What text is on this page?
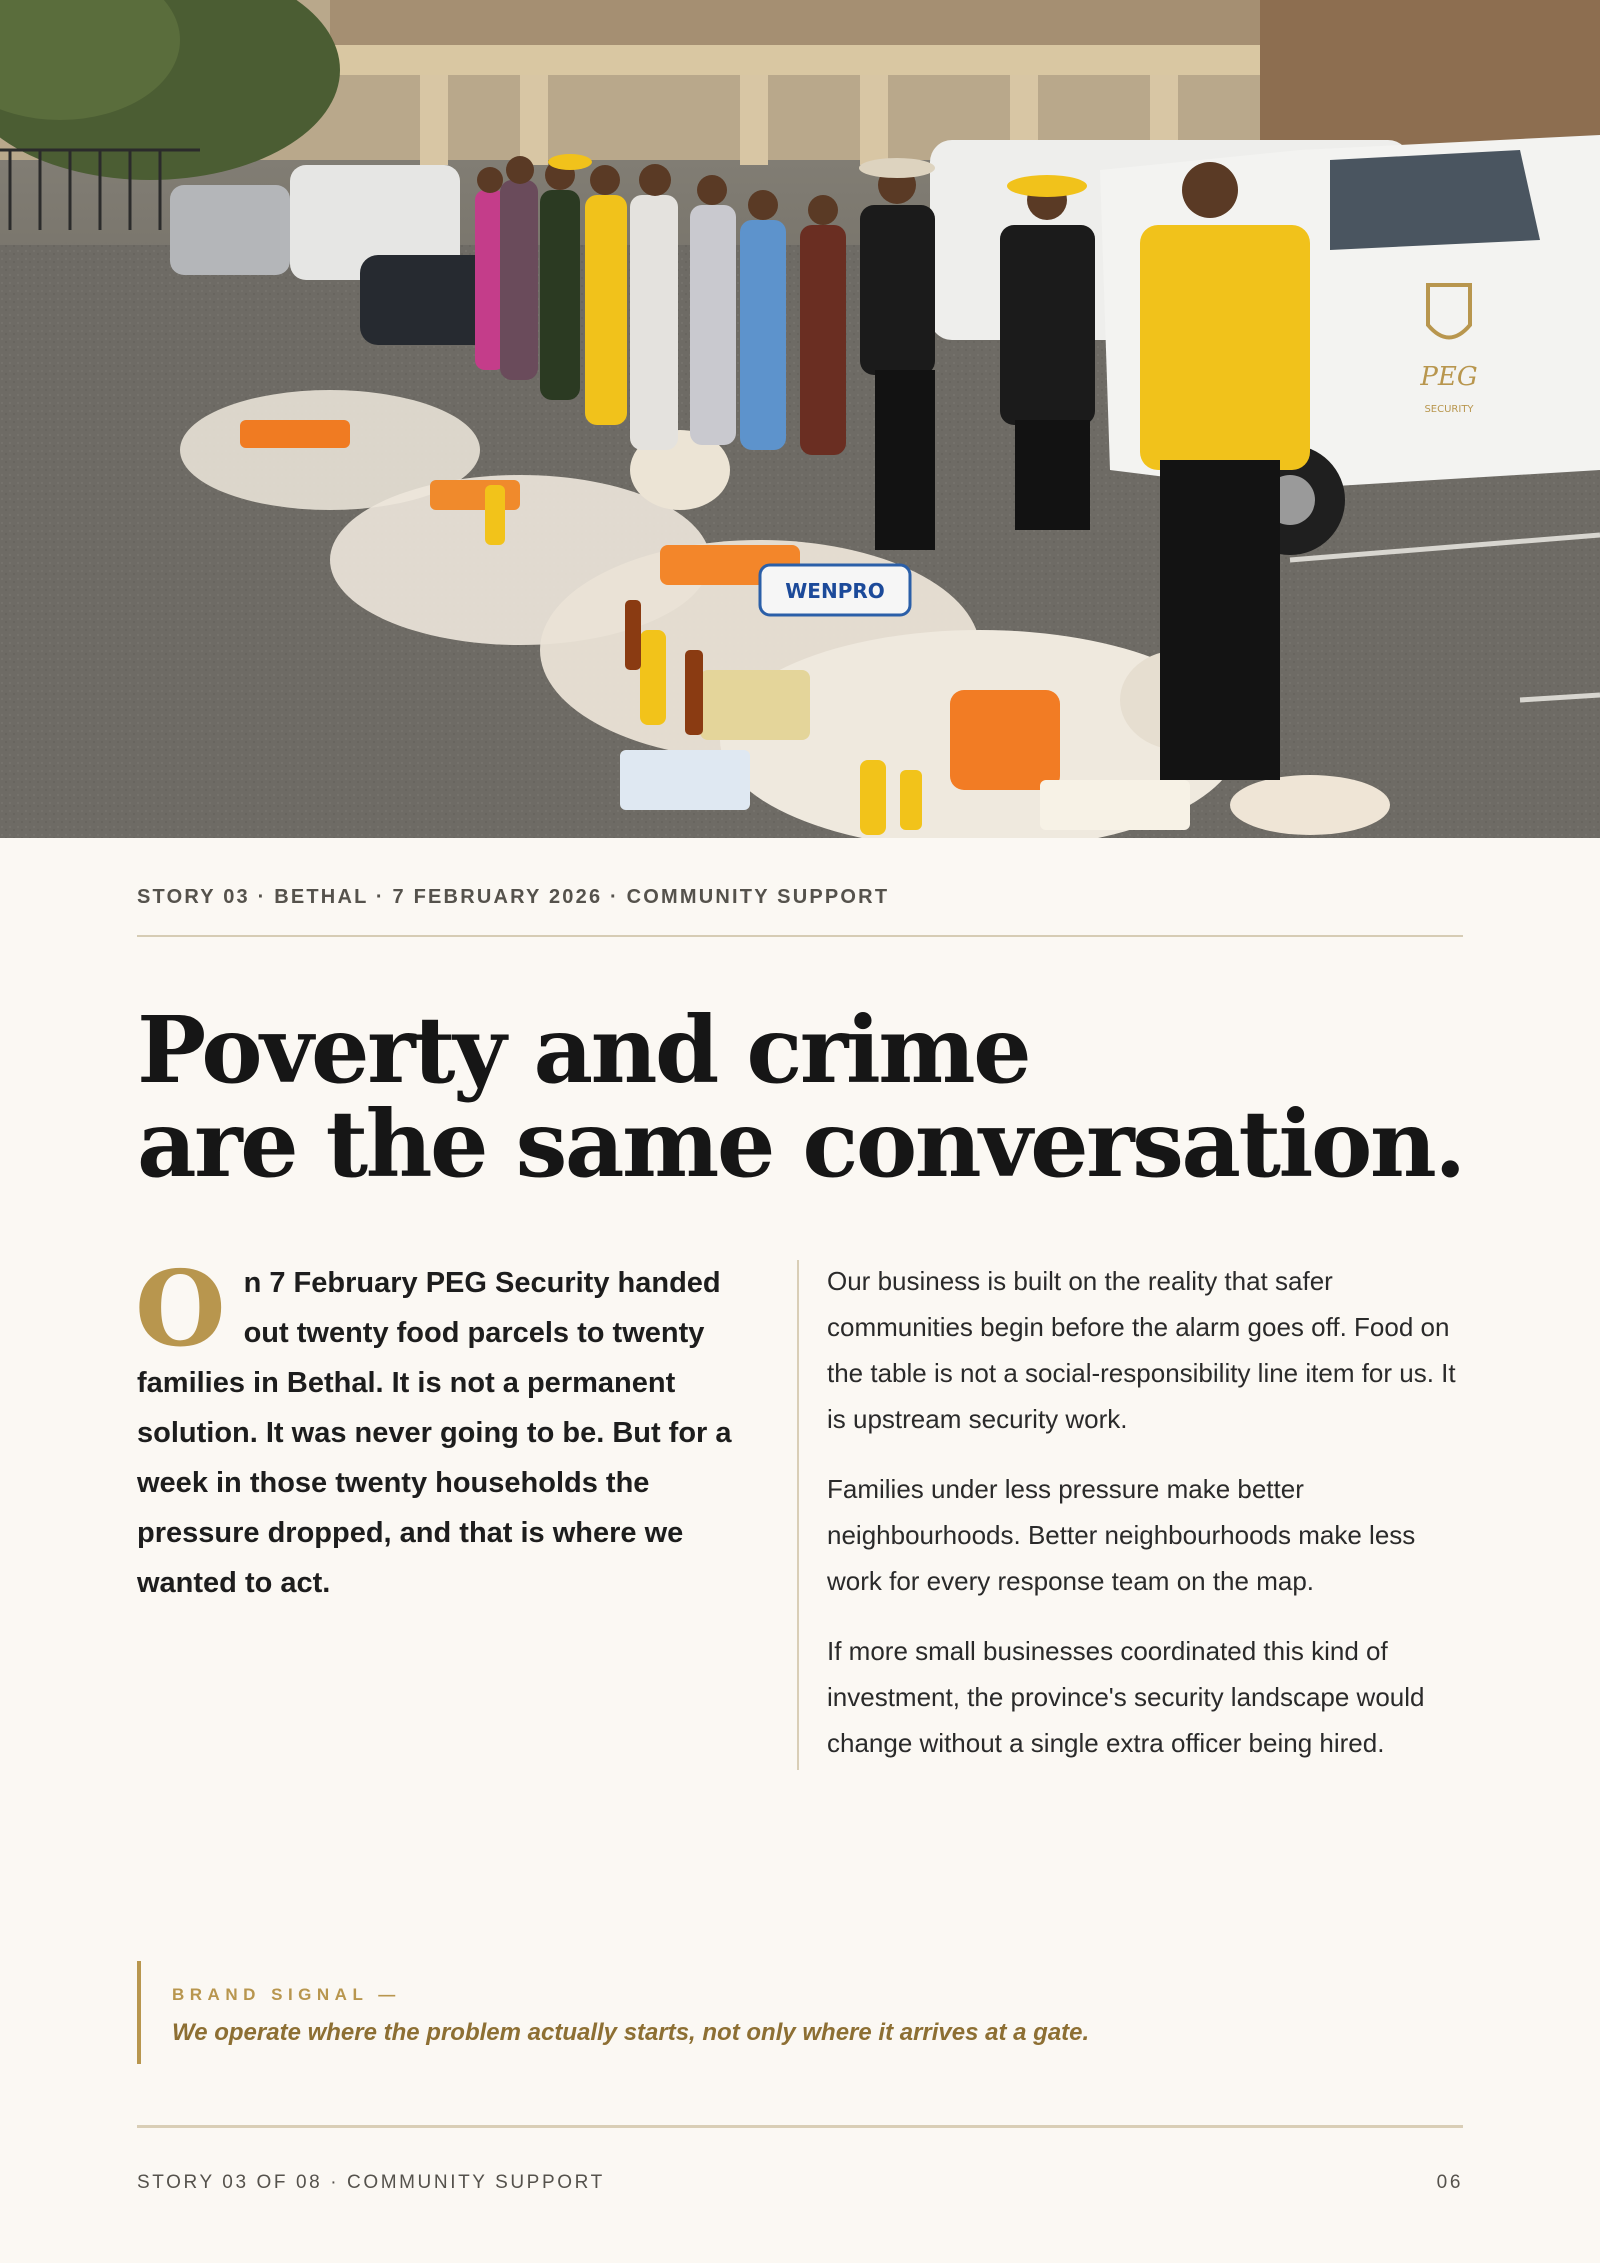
PEG
SECURITY
WENPRO
STORY 03 · BETHAL · 7 FEBRUARY 2026 · COMMUNITY SUPPORT
Poverty and crime
are the same conversation.
O n 7 February PEG Security handed out twenty food parcels to twenty families in Bethal. It is not a permanent solution. It was never going to be. But for a week in those twenty households the pressure dropped, and that is where we wanted to act.

Our business is built on the reality that safer communities begin before the alarm goes off. Food on the table is not a social-responsibility line item for us. It is upstream security work.

Families under less pressure make better neighbourhoods. Better neighbourhoods make less work for every response team on the map.

If more small businesses coordinated this kind of investment, the province's security landscape would change without a single extra officer being hired.

BRAND SIGNAL —
We operate where the problem actually starts, not only where it arrives at a gate.
STORY 03 OF 08 · COMMUNITY SUPPORT	06
